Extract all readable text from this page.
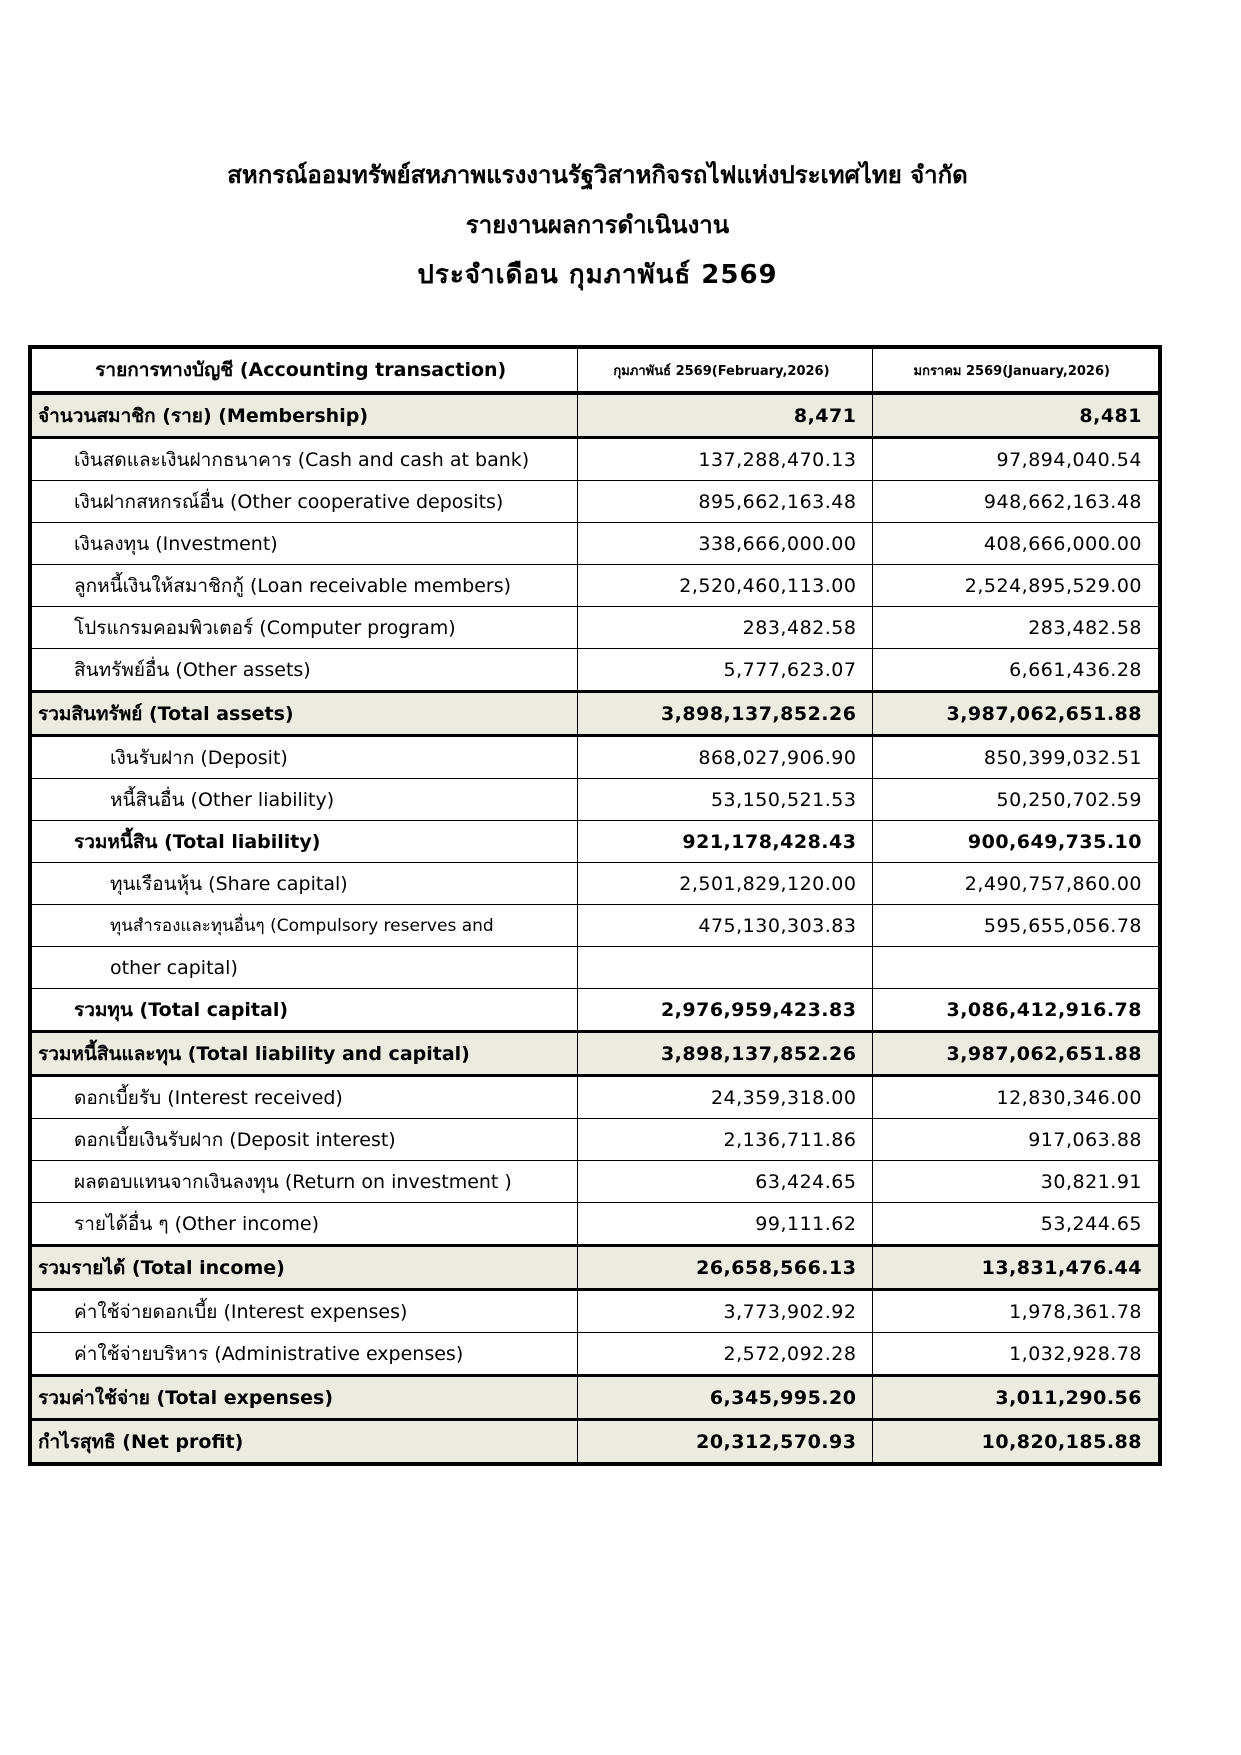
สหกรณ์ออมทรัพย์สหภาพแรงงานรัฐวิสาหกิจรถไฟแห่งประเทศไทย จำกัด
รายงานผลการดำเนินงาน
ประจำเดือน กุมภาพันธ์ 2569
รายการทางบัญชี (Accounting transaction)	กุมภาพันธ์ 2569(February,2026)	มกราคม 2569(January,2026)
จำนวนสมาชิก (ราย) (Membership)	8,471	8,481
เงินสดและเงินฝากธนาคาร (Cash and cash at bank)	137,288,470.13	97,894,040.54
เงินฝากสหกรณ์อื่น (Other cooperative deposits)	895,662,163.48	948,662,163.48
เงินลงทุน (Investment)	338,666,000.00	408,666,000.00
ลูกหนี้เงินให้สมาชิกกู้ (Loan receivable members)	2,520,460,113.00	2,524,895,529.00
โปรแกรมคอมพิวเตอร์ (Computer program)	283,482.58	283,482.58
สินทรัพย์อื่น (Other assets)	5,777,623.07	6,661,436.28
รวมสินทรัพย์ (Total assets)	3,898,137,852.26	3,987,062,651.88
เงินรับฝาก (Deposit)	868,027,906.90	850,399,032.51
หนี้สินอื่น (Other liability)	53,150,521.53	50,250,702.59
รวมหนี้สิน (Total liability)	921,178,428.43	900,649,735.10
ทุนเรือนหุ้น (Share capital)	2,501,829,120.00	2,490,757,860.00
ทุนสำรองและทุนอื่นๆ (Compulsory reserves and	475,130,303.83	595,655,056.78
other capital)		
รวมทุน (Total capital)	2,976,959,423.83	3,086,412,916.78
รวมหนี้สินและทุน (Total liability and capital)	3,898,137,852.26	3,987,062,651.88
ดอกเบี้ยรับ (Interest received)	24,359,318.00	12,830,346.00
ดอกเบี้ยเงินรับฝาก (Deposit interest)	2,136,711.86	917,063.88
ผลตอบแทนจากเงินลงทุน (Return on investment )	63,424.65	30,821.91
รายได้อื่น ๆ (Other income)	99,111.62	53,244.65
รวมรายได้ (Total income)	26,658,566.13	13,831,476.44
ค่าใช้จ่ายดอกเบี้ย (Interest expenses)	3,773,902.92	1,978,361.78
ค่าใช้จ่ายบริหาร (Administrative expenses)	2,572,092.28	1,032,928.78
รวมค่าใช้จ่าย (Total expenses)	6,345,995.20	3,011,290.56
กำไรสุทธิ (Net profit)	20,312,570.93	10,820,185.88
